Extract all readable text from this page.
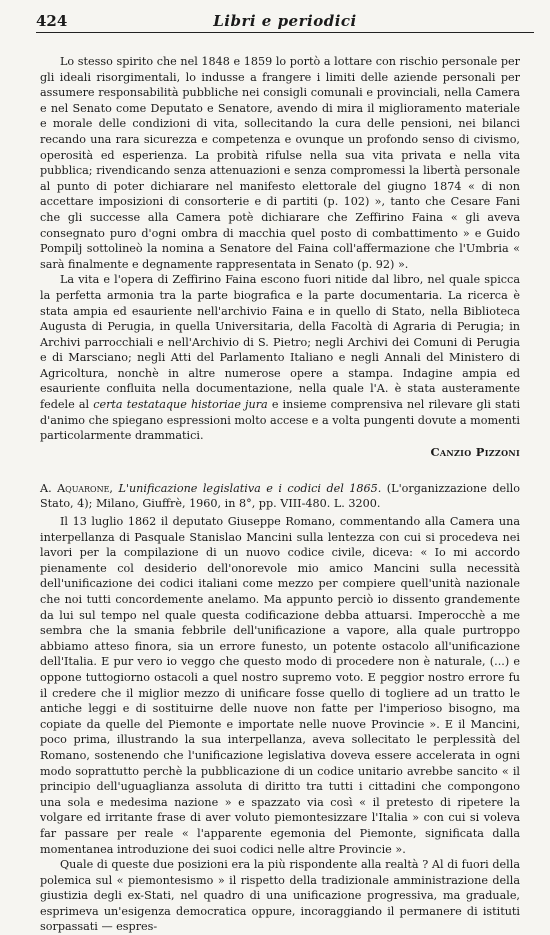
424	Libri e periodici

Lo stesso spirito che nel 1848 e 1859 lo portò a lottare con rischio personale per gli ideali risorgimentali, lo indusse a frangere i limiti delle aziende personali per assumere responsabilità pubbliche nei consigli comunali e provinciali, nella Camera e nel Senato come Deputato e Senatore, avendo di mira il miglioramento materiale e morale delle condizioni di vita, sollecitando la cura delle pensioni, nei bilanci recando una rara sicurezza e competenza e ovunque un profondo senso di civismo, operosità ed esperienza. La probità rifulse nella sua vita privata e nella vita pubblica; rivendicando senza attenuazioni e senza compromessi la libertà personale al punto di poter dichiarare nel manifesto elettorale del giugno 1874 « di non accettare imposizioni di consorterie e di partiti (p. 102) », tanto che Cesare Fani che gli successe alla Camera potè dichiarare che Zeffirino Faina « gli aveva consegnato puro d'ogni ombra di macchia quel posto di combattimento » e Guido Pompilj sottolineò la nomina a Senatore del Faina coll'affermazione che l'Umbria « sarà finalmente e degnamente rappresentata in Senato (p. 92) ».

La vita e l'opera di Zeffirino Faina escono fuori nitide dal libro, nel quale spicca la perfetta armonia tra la parte biografica e la parte documentaria. La ricerca è stata ampia ed esauriente nell'archivio Faina e in quello di Stato, nella Biblioteca Augusta di Perugia, in quella Universitaria, della Facoltà di Agraria di Perugia; in Archivi parrocchiali e nell'Archivio di S. Pietro; negli Archivi dei Comuni di Perugia e di Marsciano; negli Atti del Parlamento Italiano e negli Annali del Ministero di Agricoltura, nonchè in altre numerose opere a stampa. Indagine ampia ed esauriente confluita nella documentazione, nella quale l'A. è stata austeramente fedele al certa testataque historiae jura e insieme comprensiva nel rilevare gli stati d'animo che spiegano espressioni molto accese e a volta pungenti dovute a momenti particolarmente drammatici.

Canzio Pizzoni

A. Aquarone, L'unificazione legislativa e i codici del 1865. (L'organizzazione dello Stato, 4); Milano, Giuffrè, 1960, in 8°, pp. VIII-480. L. 3200.

Il 13 luglio 1862 il deputato Giuseppe Romano, commentando alla Camera una interpellanza di Pasquale Stanislao Mancini sulla lentezza con cui si procedeva nei lavori per la compilazione di un nuovo codice civile, diceva: « Io mi accordo pienamente col desiderio dell'onorevole mio amico Mancini sulla necessità dell'unificazione dei codici italiani come mezzo per compiere quell'unità nazionale che noi tutti concordemente anelamo. Ma appunto perciò io dissento grandemente da lui sul tempo nel quale questa codificazione debba attuarsi. Imperocchè a me sembra che la smania febbrile dell'unificazione a vapore, alla quale purtroppo abbiamo atteso finora, sia un errore funesto, un potente ostacolo all'unificazione dell'Italia. E pur vero io veggo che questo modo di procedere non è naturale, (...) e oppone tuttogiorno ostacoli a quel nostro supremo voto. E peggior nostro errore fu il credere che il miglior mezzo di unificare fosse quello di togliere ad un tratto le antiche leggi e di sostituirne delle nuove non fatte per l'imperioso bisogno, ma copiate da quelle del Piemonte e importate nelle nuove Provincie ». E il Mancini, poco prima, illustrando la sua interpellanza, aveva sollecitato le perplessità del Romano, sostenendo che l'unificazione legislativa doveva essere accelerata in ogni modo soprattutto perchè la pubblicazione di un codice unitario avrebbe sancito « il principio dell'uguaglianza assoluta di diritto tra tutti i cittadini che compongono una sola e medesima nazione » e spazzato via così « il pretesto di ripetere la volgare ed irritante frase di aver voluto piemontesizzare l'Italia » con cui si voleva far passare per reale « l'apparente egemonia del Piemonte, significata dalla momentanea introduzione dei suoi codici nelle altre Provincie ».

Quale di queste due posizioni era la più rispondente alla realtà ? Al di fuori della polemica sul « piemontesismo » il rispetto della tradizionale amministrazione della giustizia degli ex-Stati, nel quadro di una unificazione progressiva, ma graduale, esprimeva un'esigenza democratica oppure, incoraggiando il permanere di istituti sorpassati — espres-
